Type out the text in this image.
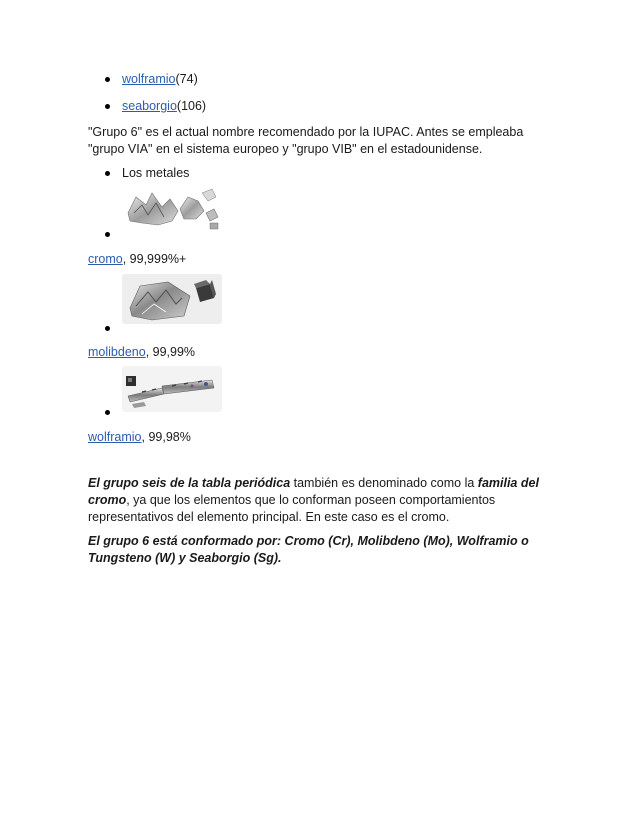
wolframio (74)
seaborgio (106)
"Grupo 6" es el actual nombre recomendado por la IUPAC. Antes se empleaba "grupo VIA" en el sistema europeo y "grupo VIB" en el estadounidense.
Los metales
cromo, 99,999%+
molibdeno, 99,99%
wolframio, 99,98%
El grupo seis de la tabla periódica también es denominado como la familia del cromo, ya que los elementos que lo conforman poseen comportamientos representativos del elemento principal. En este caso es el cromo.
El grupo 6 está conformado por: Cromo (Cr), Molibdeno (Mo), Wolframio o Tungsteno (W) y Seaborgio (Sg).
